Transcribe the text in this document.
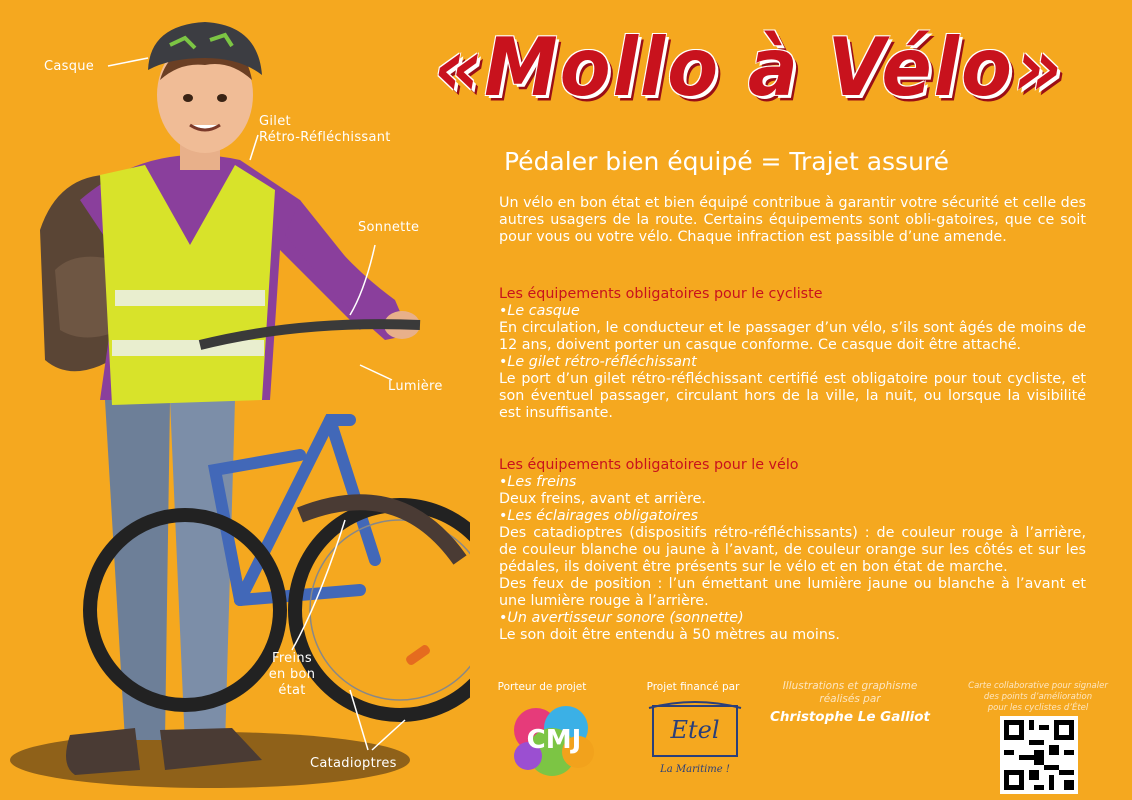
Casque
Gilet
Rétro-Réfléchissant
Sonnette
Lumière
Freins
en bon
état
Catadioptres
«Mollo à Vélo»
Pédaler bien équipé = Trajet assuré
Un vélo en bon état et bien équipé contribue à garantir votre sécurité et celle des autres usagers de la route. Certains équipements sont obli-gatoires, que ce soit pour vous ou votre vélo. Chaque infraction est passible d’une amende.
Les équipements obligatoires pour le cycliste
•Le casque
En circulation, le conducteur et le passager d’un vélo, s’ils sont âgés de moins de 12 ans, doivent porter un casque conforme. Ce casque doit être attaché.
•Le gilet rétro-réfléchissant
Le port d’un gilet rétro-réfléchissant certifié est obligatoire pour tout cycliste, et son éventuel passager, circulant hors de la ville, la nuit, ou lorsque la visibilité est insuffisante.
Les équipements obligatoires pour le vélo
•Les freins
Deux freins, avant et arrière.
•Les éclairages obligatoires
Des catadioptres (dispositifs rétro-réfléchissants) : de couleur rouge à l’arrière, de couleur blanche ou jaune à l’avant, de couleur orange sur les côtés et sur les pédales, ils doivent être présents sur le vélo et en bon état de marche.
Des feux de position : l’un émettant une lumière jaune ou blanche à l’avant et une lumière rouge à l’arrière.
•Un avertisseur sonore (sonnette)
Le son doit être entendu à 50 mètres au moins.
Porteur de projet	Projet financé par
CMJ	Etel
La Maritime !
Illustrations et graphisme
réalisés par
Christophe Le Galliot
Carte collaborative pour signaler
des points d’amélioration
pour les cyclistes d’Étel
